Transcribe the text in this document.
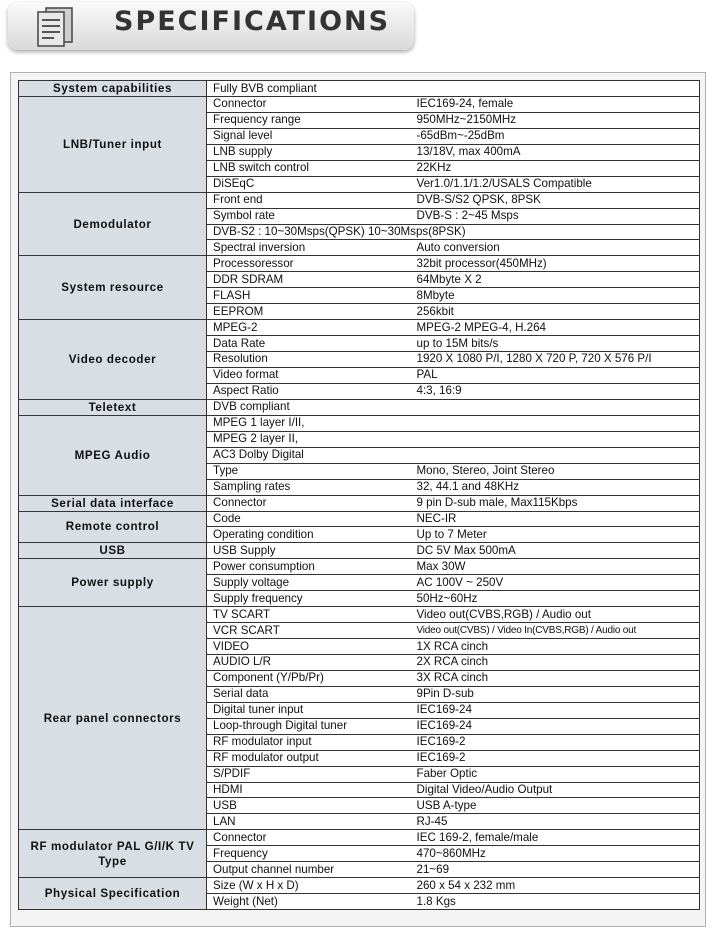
SPECIFICATIONS
System capabilities	Fully BVB compliant	
LNB/Tuner input	Connector	IEC169-24, female
	Frequency range	950MHz~2150MHz
	Signal level	-65dBm~-25dBm
	LNB supply	13/18V, max 400mA
	LNB switch control	22KHz
	DiSEqC	Ver1.0/1.1/1.2/USALS Compatible
Demodulator	Front end	DVB-S/S2 QPSK, 8PSK
	Symbol rate	DVB-S : 2~45 Msps
	DVB-S2 : 10~30Msps(QPSK) 10~30Msps(8PSK)	
	Spectral inversion	Auto conversion
System resource	Processoressor	32bit processor(450MHz)
	DDR SDRAM	64Mbyte X 2
	FLASH	8Mbyte
	EEPROM	256kbit
Video decoder	MPEG-2	MPEG-2 MPEG-4, H.264
	Data Rate	up to 15M bits/s
	Resolution	1920 X 1080 P/I, 1280 X 720 P, 720 X 576 P/I
	Video format	PAL
	Aspect Ratio	4:3, 16:9
Teletext	DVB compliant	
MPEG Audio	MPEG 1 layer I/II,	
	MPEG 2 layer II,	
	AC3 Dolby Digital	
	Type	Mono, Stereo, Joint Stereo
	Sampling rates	32, 44.1 and 48KHz
Serial data interface	Connector	9 pin D-sub male, Max115Kbps
Remote control	Code	NEC-IR
	Operating condition	Up to 7 Meter
USB	USB Supply	DC 5V Max 500mA
Power supply	Power consumption	Max 30W
	Supply voltage	AC 100V ~ 250V
	Supply frequency	50Hz~60Hz
Rear panel connectors	TV SCART	Video out(CVBS,RGB) / Audio out
	VCR SCART	Video out(CVBS) / Video In(CVBS,RGB) / Audio out
	VIDEO	1X RCA cinch
	AUDIO L/R	2X RCA cinch
	Component (Y/Pb/Pr)	3X RCA cinch
	Serial data	9Pin D-sub
	Digital tuner input	IEC169-24
	Loop-through Digital tuner	IEC169-24
	RF modulator input	IEC169-2
	RF modulator output	IEC169-2
	S/PDIF	Faber Optic
	HDMI	Digital Video/Audio Output
	USB	USB A-type
	LAN	RJ-45
RF modulator PAL G/I/K TV Type	Connector	IEC 169-2, female/male
	Frequency	470~860MHz
	Output channel number	21~69
Physical Specification	Size (W x H x D)	260 x 54 x 232 mm
	Weight (Net)	1.8 Kgs
